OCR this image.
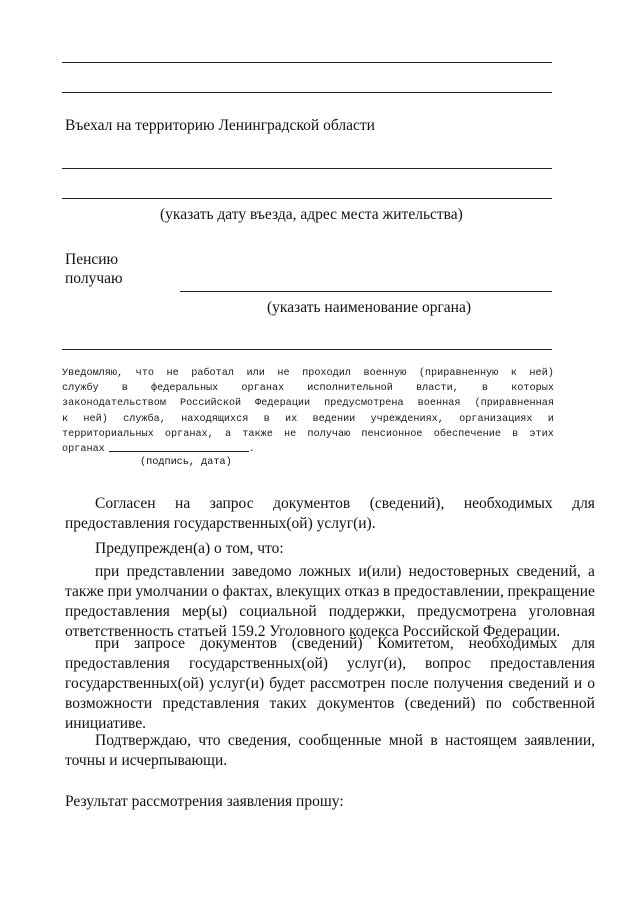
Въехал на территорию Ленинградской области
(указать дату въезда, адрес места жительства)
Пенсию
получаю
(указать наименование органа)
Уведомляю, что не работал или не проходил военную (приравненную к ней)
службу в федеральных органах исполнительной власти, в которых
законодательством Российской Федерации предусмотрена военная (приравненная
к ней) служба, находящихся в их ведении учреждениях, организациях и
территориальных органах, а также не получаю пенсионное обеспечение в этих
органах	.
(подпись, дата)
Согласен на запрос документов (сведений), необходимых для
предоставления государственных(ой) услуг(и).
Предупрежден(а) о том, что:
при представлении заведомо ложных и(или) недостоверных сведений, а
также при умолчании о фактах, влекущих отказ в предоставлении, прекращение
предоставления мер(ы) социальной поддержки, предусмотрена уголовная
ответственность статьей 159.2 Уголовного кодекса Российской Федерации.
при запросе документов (сведений) Комитетом, необходимых для
предоставления государственных(ой) услуг(и), вопрос предоставления
государственных(ой) услуг(и) будет рассмотрен после получения сведений и о
возможности представления таких документов (сведений) по собственной
инициативе.
Подтверждаю, что сведения, сообщенные мной в настоящем заявлении,
точны и исчерпывающи.
Результат рассмотрения заявления прошу:
